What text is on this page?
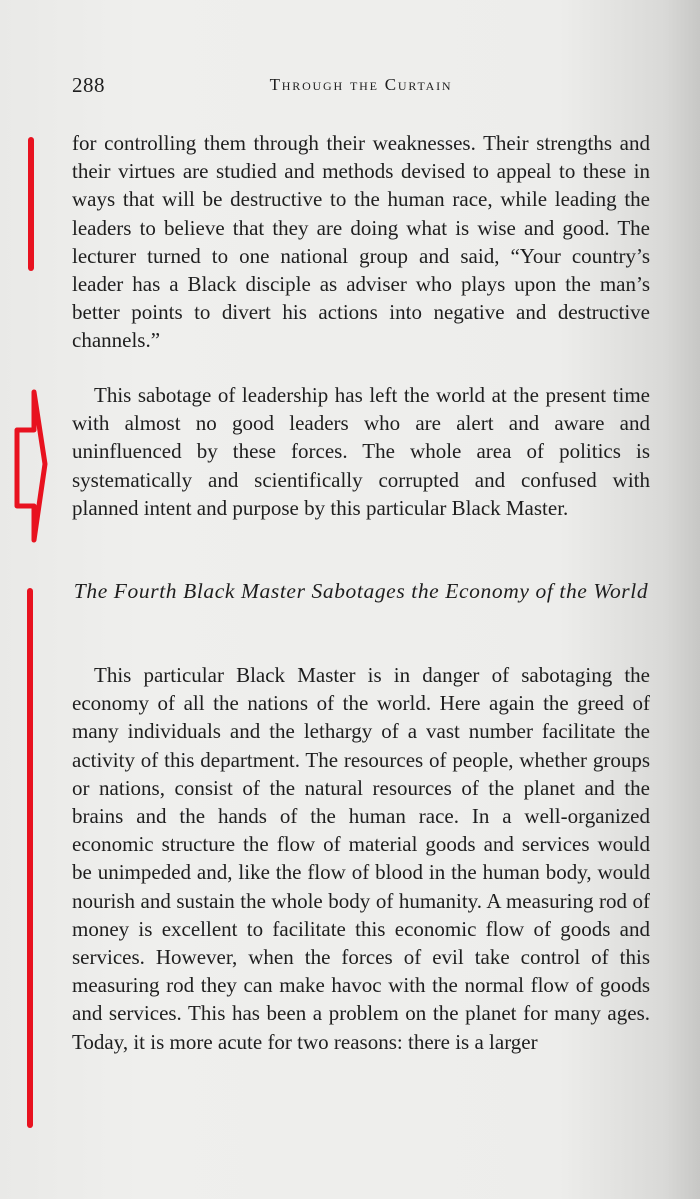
288	Through the Curtain

for controlling them through their weaknesses. Their strengths and their virtues are studied and methods devised to appeal to these in ways that will be destructive to the human race, while leading the leaders to believe that they are doing what is wise and good. The lecturer turned to one national group and said, “Your country’s leader has a Black disciple as adviser who plays upon the man’s better points to divert his actions into negative and destructive channels.”

This sabotage of leadership has left the world at the present time with almost no good leaders who are alert and aware and uninfluenced by these forces. The whole area of politics is systematically and scientifically corrupted and confused with planned intent and purpose by this particular Black Master.

The Fourth Black Master Sabotages the Economy of the World

This particular Black Master is in danger of sabotaging the economy of all the nations of the world. Here again the greed of many individuals and the lethargy of a vast number facilitate the activity of this department. The resources of people, whether groups or nations, consist of the natural resources of the planet and the brains and the hands of the human race. In a well-organized economic structure the flow of material goods and services would be unimpeded and, like the flow of blood in the human body, would nourish and sustain the whole body of humanity. A measuring rod of money is excellent to facilitate this economic flow of goods and services. However, when the forces of evil take control of this measuring rod they can make havoc with the normal flow of goods and services. This has been a problem on the planet for many ages. Today, it is more acute for two reasons: there is a larger
